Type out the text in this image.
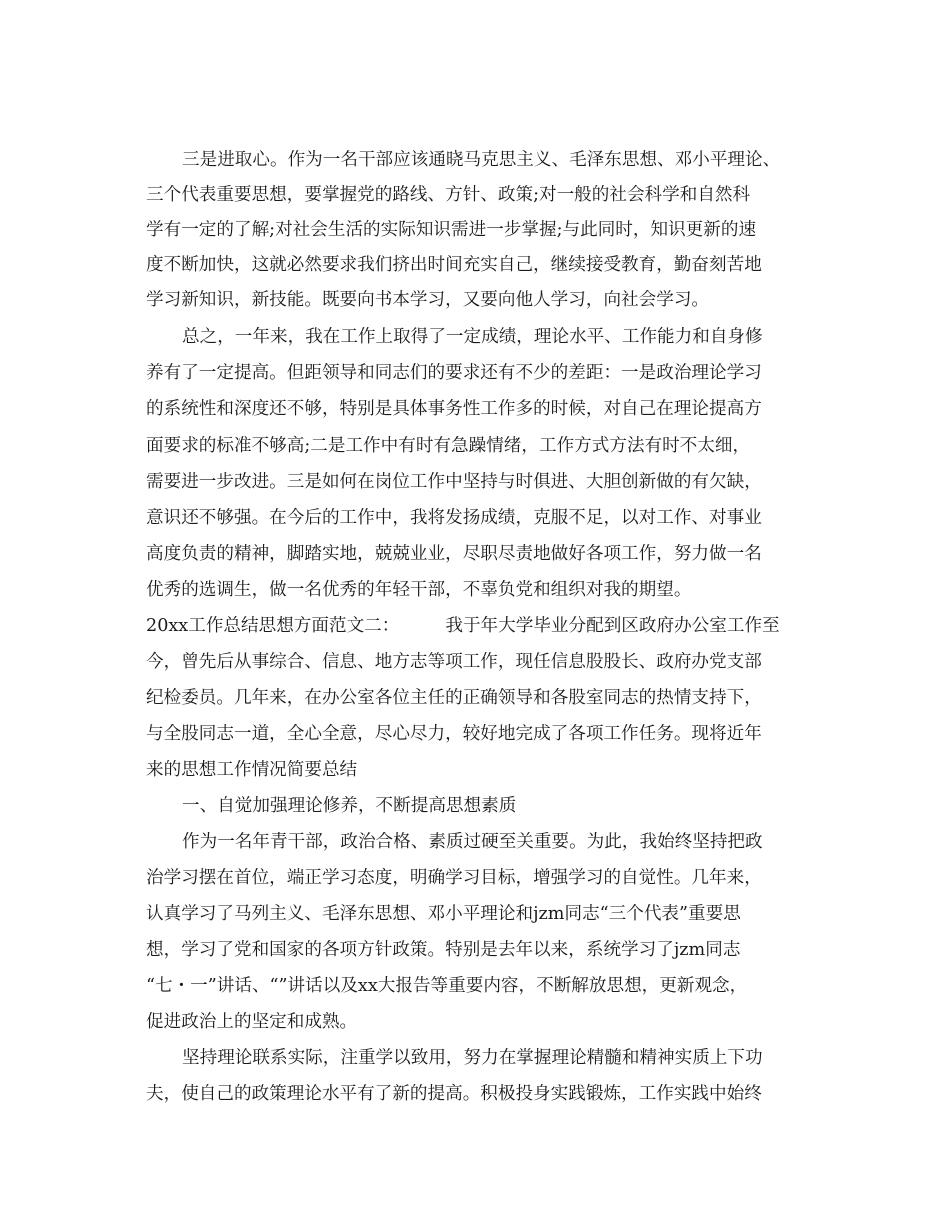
三是进取心。作为一名干部应该通晓马克思主义、毛泽东思想、邓小平理论、
三个代表重要思想，要掌握党的路线、方针、政策;对一般的社会科学和自然科
学有一定的了解;对社会生活的实际知识需进一步掌握;与此同时，知识更新的速
度不断加快，这就必然要求我们挤出时间充实自己，继续接受教育，勤奋刻苦地
学习新知识，新技能。既要向书本学习，又要向他人学习，向社会学习。
总之，一年来，我在工作上取得了一定成绩，理论水平、工作能力和自身修
养有了一定提高。但距领导和同志们的要求还有不少的差距：一是政治理论学习
的系统性和深度还不够，特别是具体事务性工作多的时候，对自己在理论提高方
面要求的标准不够高;二是工作中有时有急躁情绪，工作方式方法有时不太细，
需要进一步改进。三是如何在岗位工作中坚持与时俱进、大胆创新做的有欠缺，
意识还不够强。在今后的工作中，我将发扬成绩，克服不足，以对工作、对事业
高度负责的精神，脚踏实地，兢兢业业，尽职尽责地做好各项工作，努力做一名
优秀的选调生，做一名优秀的年轻干部，不辜负党和组织对我的期望。
20xx工作总结思想方面范文二：	我于年大学毕业分配到区政府办公室工作至
今，曾先后从事综合、信息、地方志等项工作，现任信息股股长、政府办党支部
纪检委员。几年来，在办公室各位主任的正确领导和各股室同志的热情支持下，
与全股同志一道，全心全意，尽心尽力，较好地完成了各项工作任务。现将近年
来的思想工作情况简要总结
一、自觉加强理论修养，不断提高思想素质
作为一名年青干部，政治合格、素质过硬至关重要。为此，我始终坚持把政
治学习摆在首位，端正学习态度，明确学习目标，增强学习的自觉性。几年来，
认真学习了马列主义、毛泽东思想、邓小平理论和jzm同志“三个代表”重要思
想，学习了党和国家的各项方针政策。特别是去年以来，系统学习了jzm同志
“七・一”讲话、“”讲话以及xx大报告等重要内容，不断解放思想，更新观念，
促进政治上的坚定和成熟。
坚持理论联系实际，注重学以致用，努力在掌握理论精髓和精神实质上下功
夫，使自己的政策理论水平有了新的提高。积极投身实践锻炼，工作实践中始终
